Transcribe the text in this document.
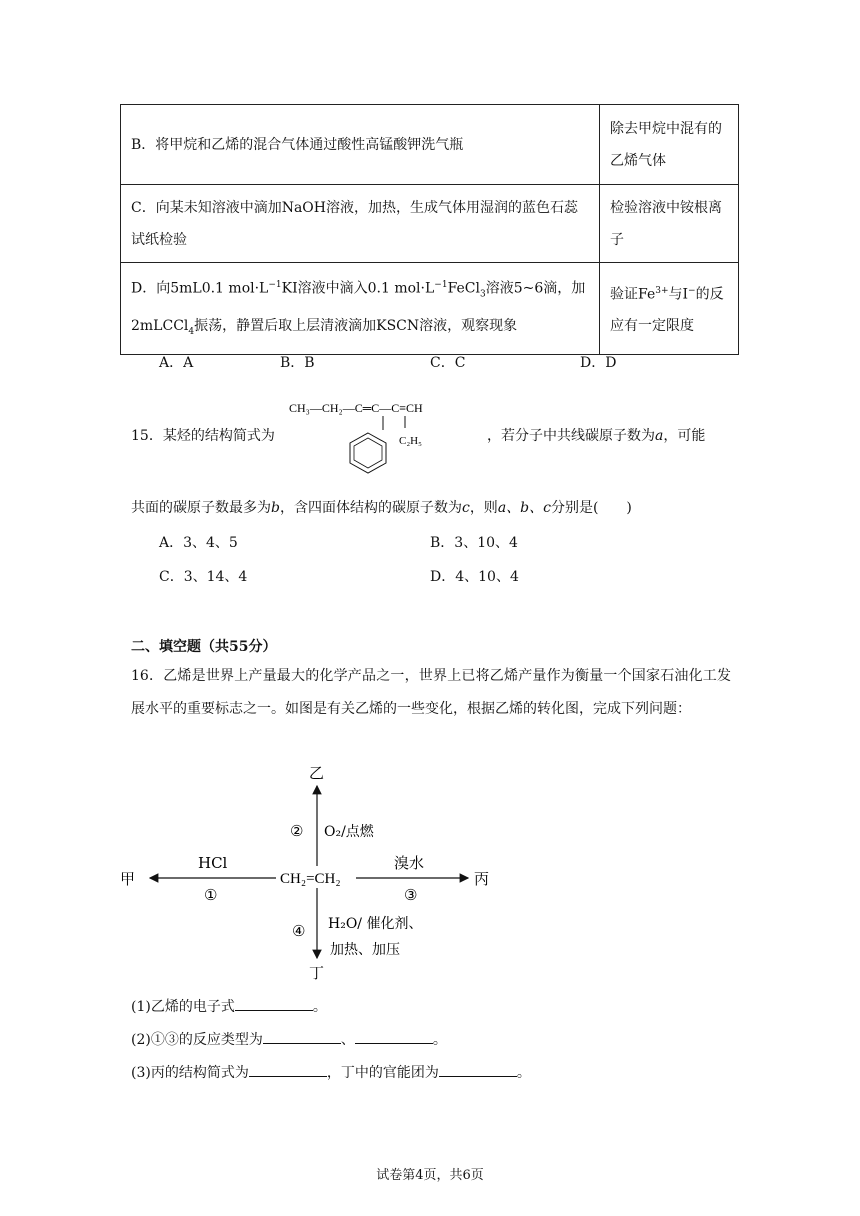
B．将甲烷和乙烯的混合气体通过酸性高锰酸钾洗气瓶	除去甲烷中混有的乙烯气体
C．向某未知溶液中滴加NaOH溶液，加热，生成气体用湿润的蓝色石蕊试纸检验	检验溶液中铵根离子
D．向5mL0.1 $mol\cdot L^{-1}KI$溶液中滴入0.1 $mol\cdot L^{-1}FeCl_3$溶液5~6滴，加2mLCCl$_4$振荡，静置后取上层清液滴加KSCN溶液，观察现象	验证$Fe^{3+}$与I−的反应有一定限度
A．A	B．B	C．C	D．D
15．某烃的结构简式为
CH₃—CH₂—C═C—C≡CH
C₂H₅	，若分子中共线碳原子数为a，可能
共面的碳原子数最多为b，含四面体结构的碳原子数为c，则a、b、c分别是(　　)
A．3、4、5	B．3、10、4
C．3、14、4	D．4、10、4
二、填空题（共55分）
16．乙烯是世界上产量最大的化学产品之一，世界上已将乙烯产量作为衡量一个国家石油化工发展水平的重要标志之一。如图是有关乙烯的一些变化，根据乙烯的转化图，完成下列问题：
CH₂=CH₂
乙
② O₂/点燃
甲
HCl
①
丙
溴水
③
丁
④ H₂O/ 催化剂、
加热、加压
(1)乙烯的电子式	。
(2)①③的反应类型为	、	。
(3)丙的结构简式为	，丁中的官能团为	。
试卷第4页，共6页
